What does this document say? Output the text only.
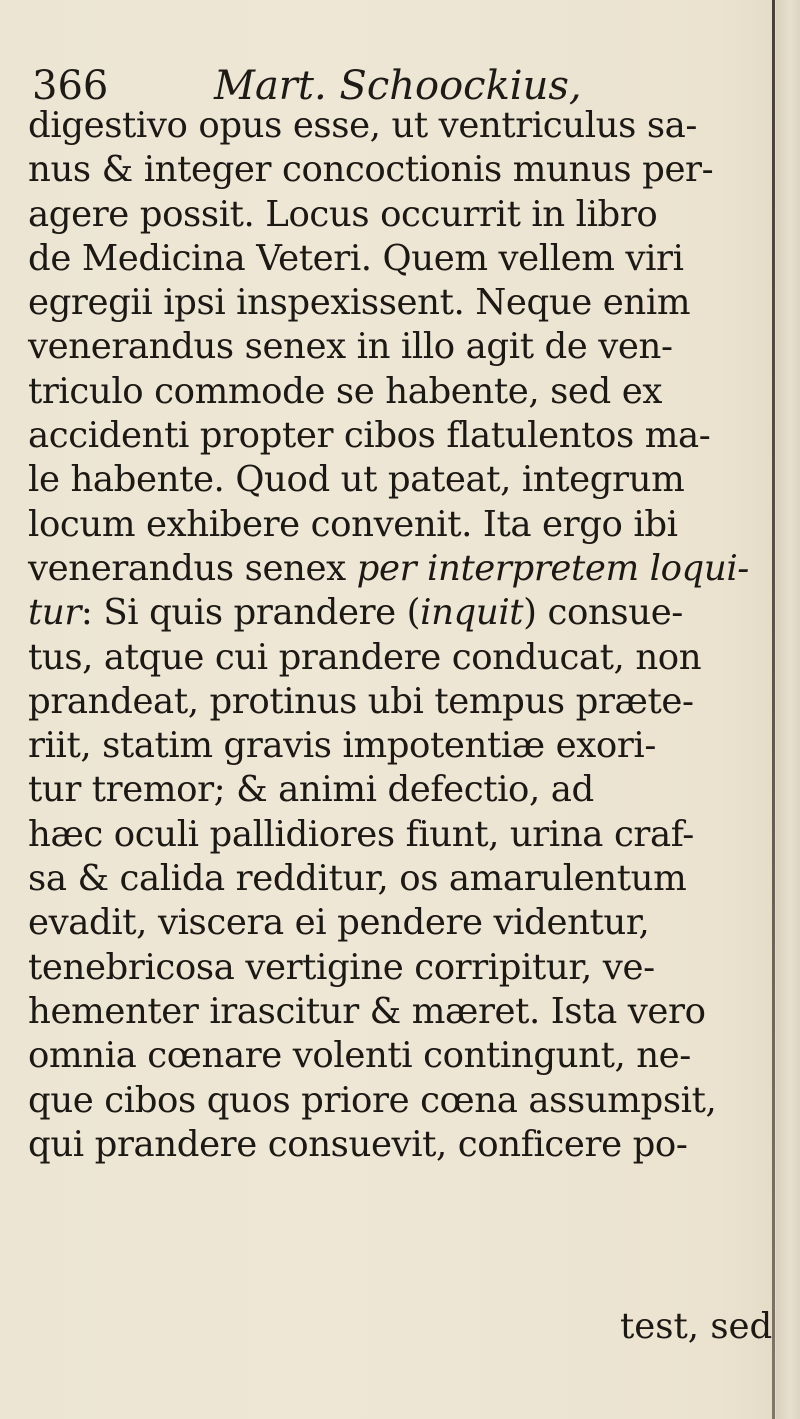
366	Mart. Schoockius,
digestivo opus esse, ut ventriculus sa-
nus & integer concoctionis munus per-
agere possit. Locus occurrit in libro
de Medicina Veteri. Quem vellem viri
egregii ipsi inspexissent. Neque enim
venerandus senex in illo agit de ven-
triculo commode se habente, sed ex
accidenti propter cibos flatulentos ma-
le habente. Quod ut pateat, integrum
locum exhibere convenit. Ita ergo ibi
venerandus senex per interpretem loqui-
tur: Si quis prandere (inquit) consue-
tus, atque cui prandere conducat, non
prandeat, protinus ubi tempus præte-
riit, statim gravis impotentiæ exori-
tur tremor; & animi defectio, ad
hæc oculi pallidiores fiunt, urina craf-
sa & calida redditur, os amarulentum
evadit, viscera ei pendere videntur,
tenebricosa vertigine corripitur, ve-
hementer irascitur & mæret. Ista vero
omnia cœnare volenti contingunt, ne-
que cibos quos priore cœna assumpsit,
qui prandere consuevit, conficere po-
test, sed
